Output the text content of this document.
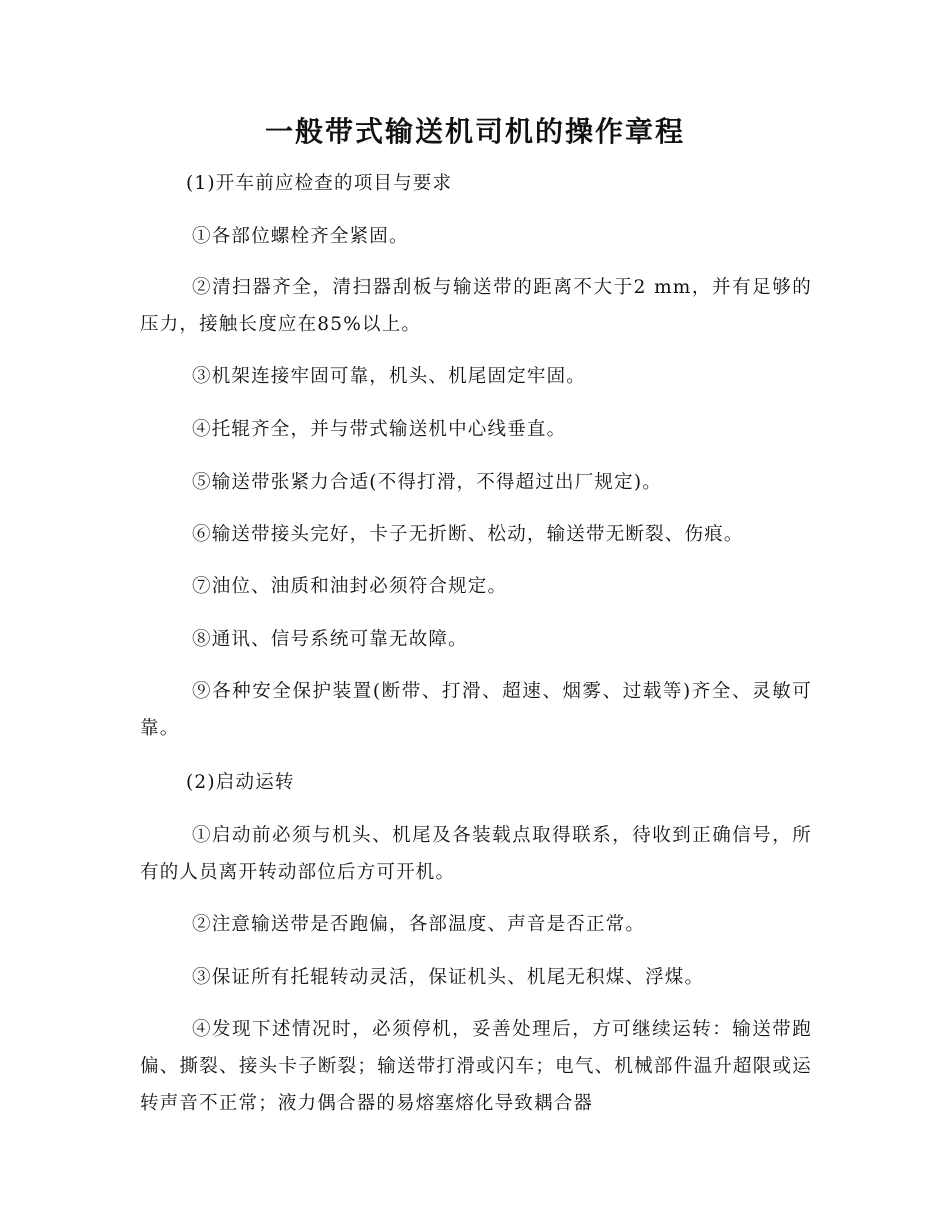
一般带式输送机司机的操作章程

(1)开车前应检查的项目与要求

①各部位螺栓齐全紧固。

②清扫器齐全，清扫器刮板与输送带的距离不大于2 mm，并有足够的压力，接触长度应在85%以上。

③机架连接牢固可靠，机头、机尾固定牢固。

④托辊齐全，并与带式输送机中心线垂直。

⑤输送带张紧力合适(不得打滑，不得超过出厂规定)。

⑥输送带接头完好，卡子无折断、松动，输送带无断裂、伤痕。

⑦油位、油质和油封必须符合规定。

⑧通讯、信号系统可靠无故障。

⑨各种安全保护装置(断带、打滑、超速、烟雾、过载等)齐全、灵敏可靠。

(2)启动运转

①启动前必须与机头、机尾及各装载点取得联系，待收到正确信号，所有的人员离开转动部位后方可开机。

②注意输送带是否跑偏，各部温度、声音是否正常。

③保证所有托辊转动灵活，保证机头、机尾无积煤、浮煤。

④发现下述情况时，必须停机，妥善处理后，方可继续运转：输送带跑偏、撕裂、接头卡子断裂；输送带打滑或闪车；电气、机械部件温升超限或运转声音不正常；液力偶合器的易熔塞熔化导致耦合器
